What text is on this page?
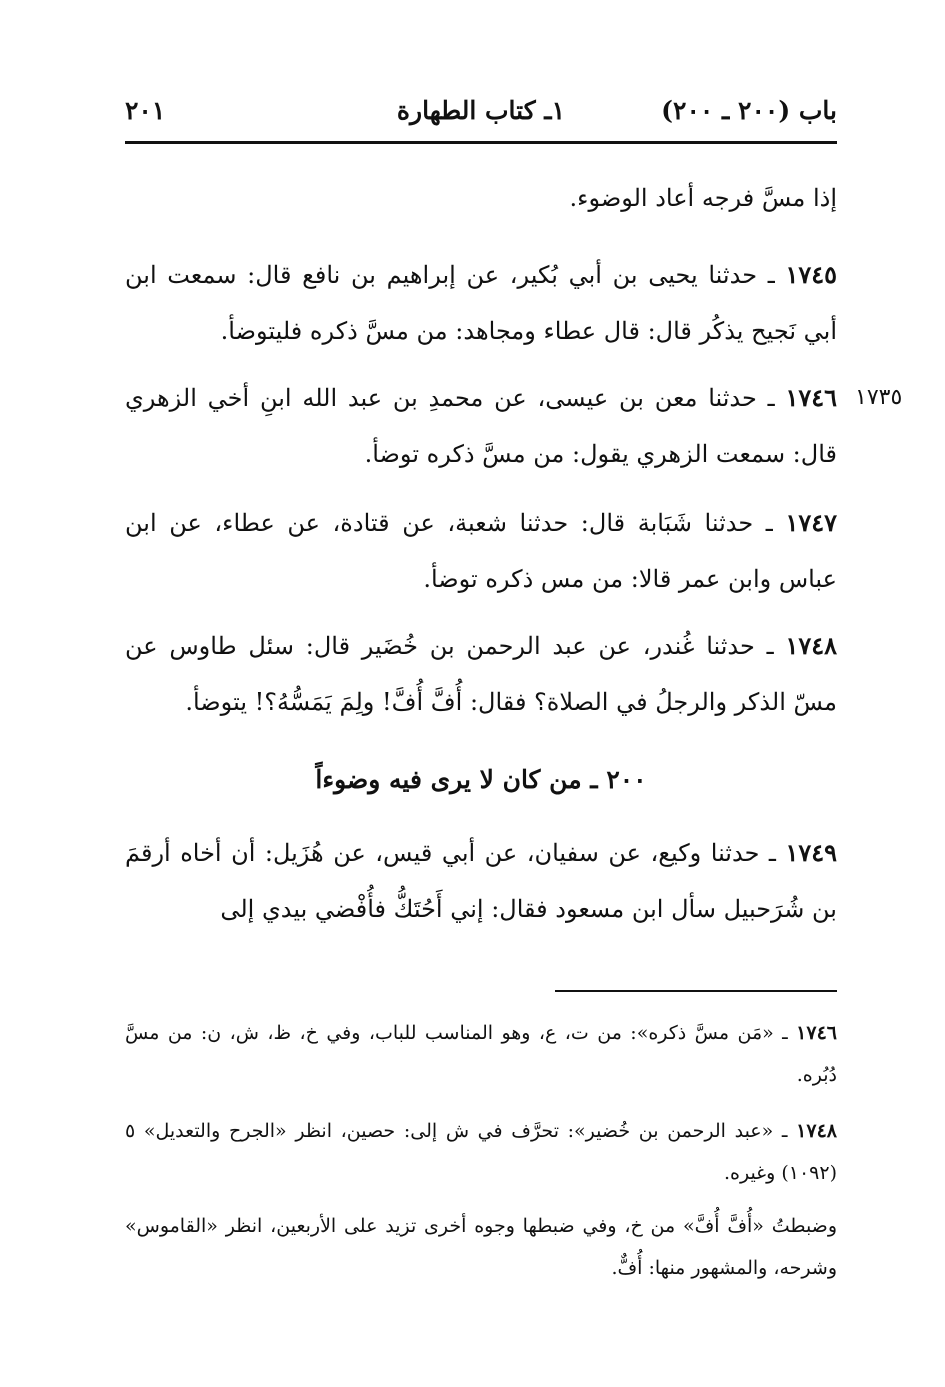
باب (٢٠٠ ـ ٢٠٠)
١ـ كتاب الطهارة
٢٠١
إذا مسَّ فرجه أعاد الوضوء.
١٧٤٥ ـ حدثنا يحيى بن أبي بُكير، عن إبراهيم بن نافع قال: سمعت ابن أبي نَجيح يذكُر قال: قال عطاء ومجاهد: من مسَّ ذكره فليتوضأ.
١٧٣٥
١٧٤٦ ـ حدثنا معن بن عيسى، عن محمدِ بن عبد الله ابنِ أخي الزهري قال: سمعت الزهري يقول: من مسَّ ذكره توضأ.
١٧٤٧ ـ حدثنا شَبَابة قال: حدثنا شعبة، عن قتادة، عن عطاء، عن ابن عباس وابن عمر قالا: من مس ذكره توضأ.
١٧٤٨ ـ حدثنا غُندر، عن عبد الرحمن بن خُضَير قال: سئل طاوس عن مسّ الذكر والرجلُ في الصلاة؟ فقال: أُفَّ أُفَّ! ولِمَ يَمَسُّهُ؟! يتوضأ.
٢٠٠ ـ من كان لا يرى فيه وضوءاً
١٧٤٩ ـ حدثنا وكيع، عن سفيان، عن أبي قيس، عن هُزَيل: أن أخاه أرقمَ بن شُرَحبيل سأل ابن مسعود فقال: إني أَحُتَكُّ فأُفْضي بيدي إلى
١٧٤٦ ـ «مَن مسَّ ذكره»: من ت، ع، وهو المناسب للباب، وفي خ، ظ، ش، ن: من مسَّ دُبُره.
١٧٤٨ ـ «عبد الرحمن بن خُضير»: تحرَّف في ش إلى: حصين، انظر «الجرح والتعديل» ٥ (١٠٩٢) وغيره.
وضبطتُ «أُفَّ أُفَّ» من خ، وفي ضبطها وجوه أخرى تزيد على الأربعين، انظر «القاموس» وشرحه، والمشهور منها: أُفٌّ.
